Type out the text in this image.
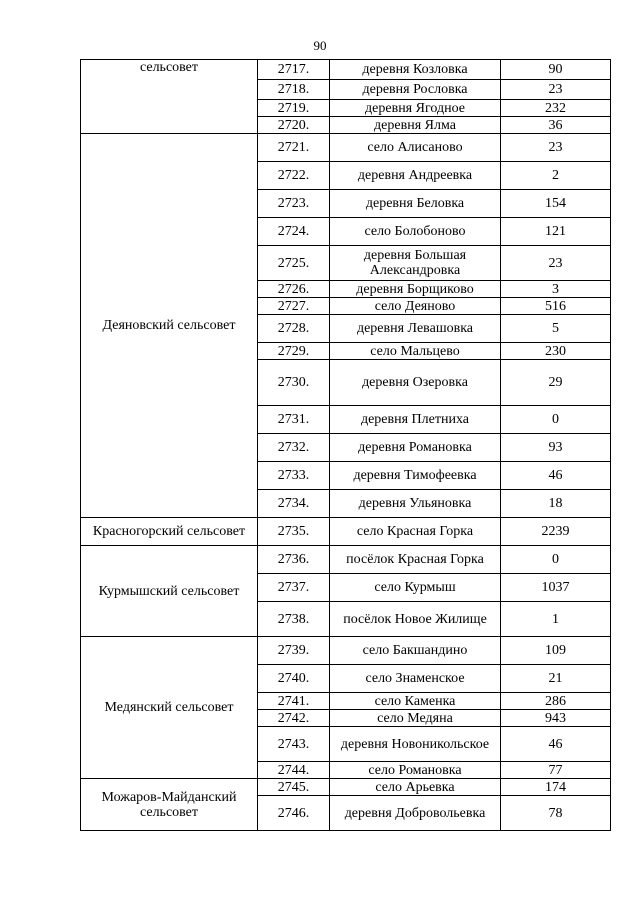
90
сельсовет	2717.	деревня Козловка	90
	2718.	деревня Рословка	23
	2719.	деревня Ягодное	232
	2720.	деревня Ялма	36
Деяновский сельсовет	2721.	село Алисаново	23
	2722.	деревня Андреевка	2
	2723.	деревня Беловка	154
	2724.	село Болобоново	121
	2725.	деревня Большая Александровка	23
	2726.	деревня Борщиково	3
	2727.	село Деяново	516
	2728.	деревня Левашовка	5
	2729.	село Мальцево	230
	2730.	деревня Озеровка	29
	2731.	деревня Плетниха	0
	2732.	деревня Романовка	93
	2733.	деревня Тимофеевка	46
	2734.	деревня Ульяновка	18
Красногорский сельсовет	2735.	село Красная Горка	2239
Курмышский сельсовет	2736.	посёлок Красная Горка	0
	2737.	село Курмыш	1037
	2738.	посёлок Новое Жилище	1
Медянский сельсовет	2739.	село Бакшандино	109
	2740.	село Знаменское	21
	2741.	село Каменка	286
	2742.	село Медяна	943
	2743.	деревня Новоникольское	46
	2744.	село Романовка	77
Можаров-Майданский сельсовет	2745.	село Арьевка	174
	2746.	деревня Добровольевка	78
